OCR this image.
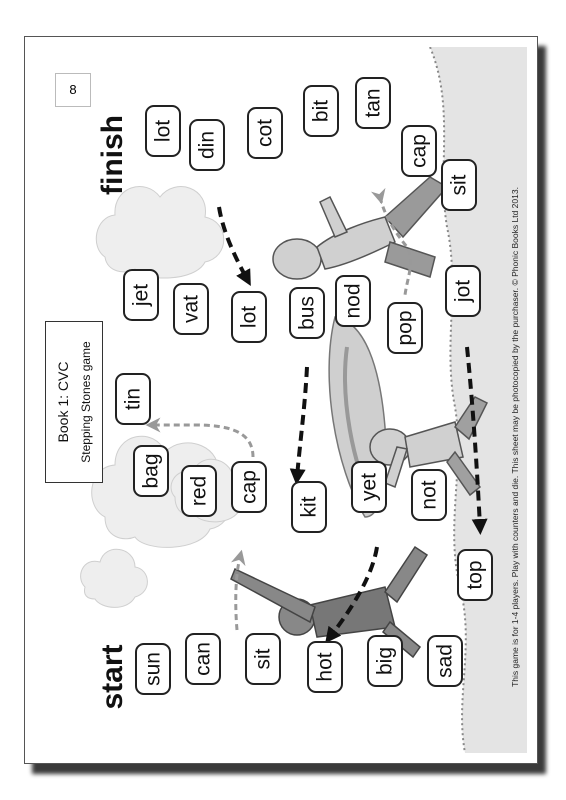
8
Book 1: CVC Stepping Stones game
finish
start	This game is for 1-4 players. Play with counters and die. This sheet may be photocopied by the purchaser. © Phonic Books Ltd 2013.
lot din cot
bit tan
cap
jet vat lot bus nod
pop
jot
sit
tin
bag
red cap
kit
yet not
top
sun can sit hot big sad
